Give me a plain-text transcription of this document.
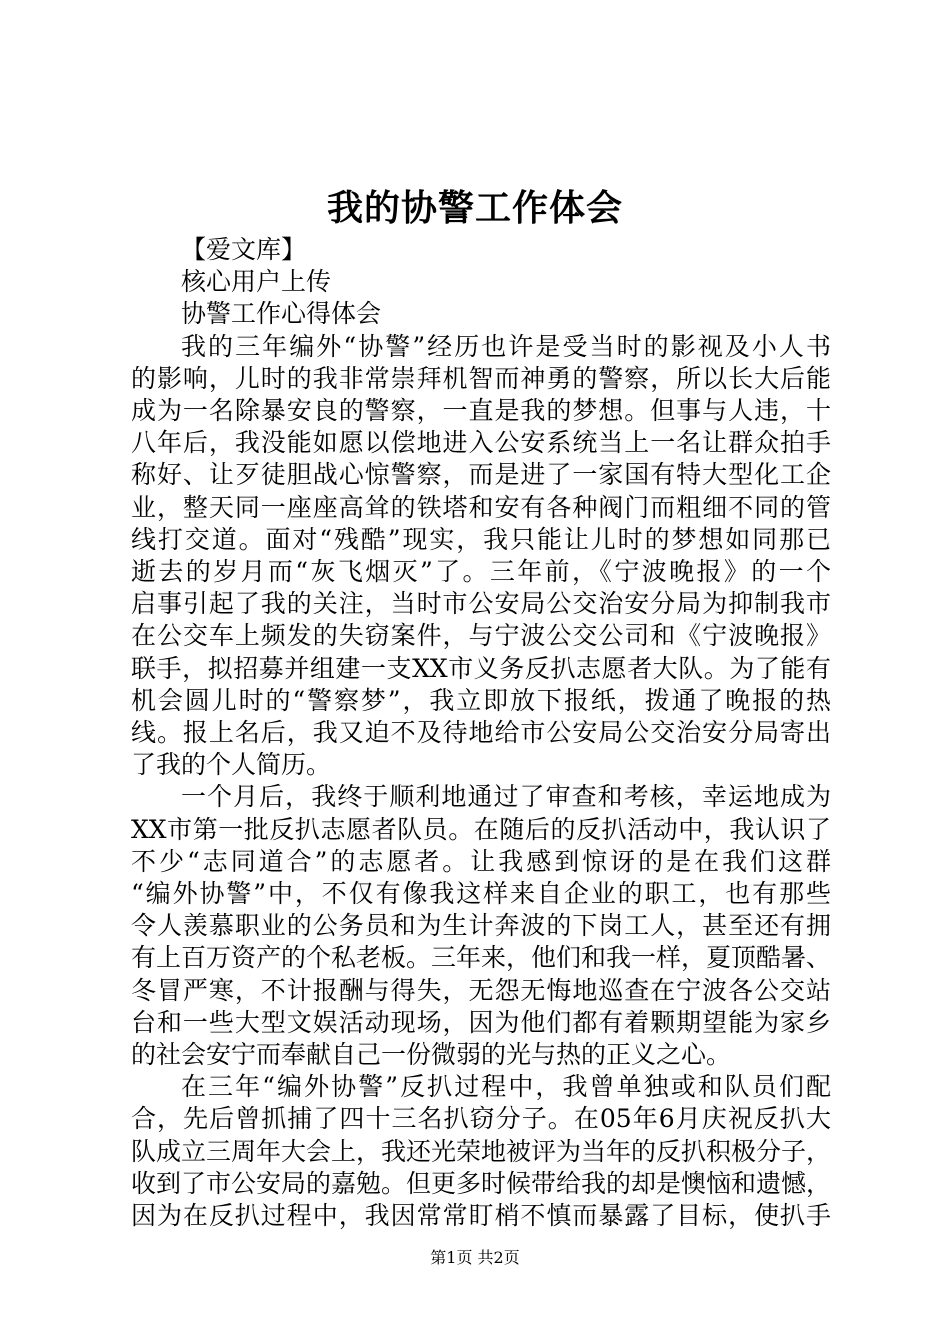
我的协警工作体会
【爱文库】
核心用户上传
协警工作心得体会
我的三年编外“协警”经历也许是受当时的影视及小人书
的影响，儿时的我非常崇拜机智而神勇的警察，所以长大后能
成为一名除暴安良的警察，一直是我的梦想。但事与人违，十
八年后，我没能如愿以偿地进入公安系统当上一名让群众拍手
称好、让歹徒胆战心惊警察，而是进了一家国有特大型化工企
业，整天同一座座高耸的铁塔和安有各种阀门而粗细不同的管
线打交道。面对“残酷”现实，我只能让儿时的梦想如同那已
逝去的岁月而“灰飞烟灭”了。三年前，《宁波晚报》的一个
启事引起了我的关注，当时市公安局公交治安分局为抑制我市
在公交车上频发的失窃案件，与宁波公交公司和《宁波晚报》
联手，拟招募并组建一支XX市义务反扒志愿者大队。为了能有
机会圆儿时的“警察梦”，我立即放下报纸，拨通了晚报的热
线。报上名后，我又迫不及待地给市公安局公交治安分局寄出
了我的个人简历。
一个月后，我终于顺利地通过了审查和考核，幸运地成为
XX市第一批反扒志愿者队员。在随后的反扒活动中，我认识了
不少“志同道合”的志愿者。让我感到惊讶的是在我们这群
“编外协警”中，不仅有像我这样来自企业的职工，也有那些
令人羡慕职业的公务员和为生计奔波的下岗工人，甚至还有拥
有上百万资产的个私老板。三年来，他们和我一样，夏顶酷暑、
冬冒严寒，不计报酬与得失，无怨无悔地巡查在宁波各公交站
台和一些大型文娱活动现场，因为他们都有着颗期望能为家乡
的社会安宁而奉献自己一份微弱的光与热的正义之心。
在三年“编外协警”反扒过程中，我曾单独或和队员们配
合，先后曾抓捕了四十三名扒窃分子。在05年6月庆祝反扒大
队成立三周年大会上，我还光荣地被评为当年的反扒积极分子，
收到了市公安局的嘉勉。但更多时候带给我的却是懊恼和遗憾，
因为在反扒过程中，我因常常盯梢不慎而暴露了目标，使扒手
第1页 共2页
